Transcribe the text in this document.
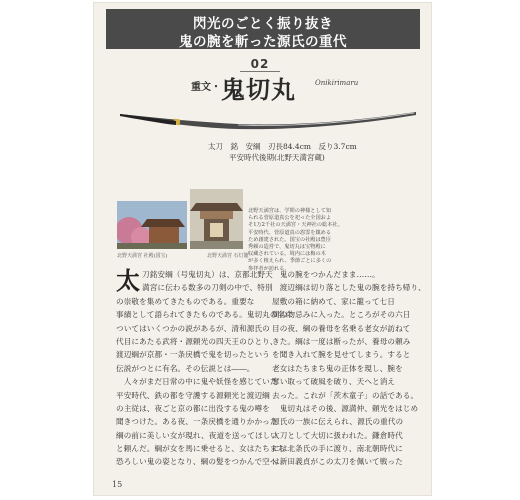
閃光のごとく振り抜き
鬼の腕を斬った源氏の重代
02
重文・ 鬼切丸	Onikirimaru
太刀　銘　安綱　刃長84.4cm　反り3.7cm
平安時代後期(北野天満宮蔵)
北野天満宮 社殿(国宝)	北野天満宮 石灯籠
北野天満宮は、学問の神様として知
られる菅原道真公を祀った全国およ
そ1万2千社の天満宮・天神社の総本社。
平安時代、菅原道真の怨霊を鎮める
ため創建された。国宝の社殿は豊臣
秀頼の造営で、鬼切丸は宝物殿に
収蔵されている。境内には梅の木
が多く植えられ、季節ごとに多くの
参拝者が訪れる。
太 刀銘安綱（号鬼切丸）は、京都北野天
満宮に伝わる数多の刀剣の中で、特別
の崇敬を集めてきたものである。重要な
事績として語られてきたものである。鬼切丸の名に
ついてはいくつかの説があるが、清和源氏の
代目にあたる武将・源頼光の四天王のひとり、
渡辺綱が京都・一条戻橋で鬼を切ったという
伝説がつとに有名。その伝説とは――。
　人々がまだ日常の中に鬼や妖怪を感じていた
平安時代、鉄の都を守護する源頼光と渡辺綱
の主従は、夜ごと京の都に出没する鬼の噂を
聞きつけた。ある夜、一条戻橋を通りかかった
綱の前に美しい女が現れ、夜道を送ってほしい
と頼んだ。綱が女を馬に乗せると、女はたちまち
恐ろしい鬼の姿となり、綱の髪をつかんで空へ
　鬼の腕をつかんだまま……。
　渡辺綱は切り落とした鬼の腕を持ち帰り、
屋敷の箱に納めて、家に籠って七日
間の物忌みに入った。ところがその六日
目の夜、綱の養母を名乗る老女が訪ねて
きた。綱は一度は断ったが、養母の頼み
を聞き入れて腕を見せてしまう。すると
老女はたちまち鬼の正体を現し、腕を
奪い取って破風を破り、天へと消え
去った。これが「茨木童子」の話である。
　鬼切丸はその後、源満仲、頼光をはじめ
源氏の一族に伝えられ、源氏の重代の
太刀として大切に扱われた。鎌倉時代
には北条氏の手に渡り、南北朝時代に
は新田義貞がこの太刀を佩いて戦った
15
